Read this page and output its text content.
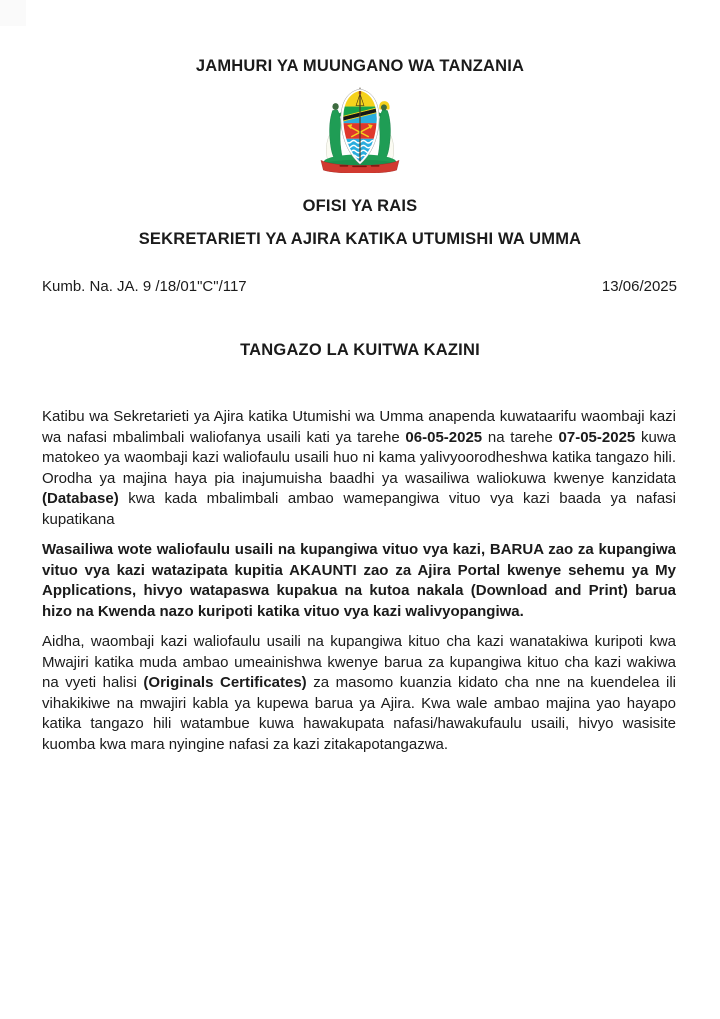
JAMHURI YA MUUNGANO WA TANZANIA
OFISI YA RAIS
SEKRETARIETI YA AJIRA KATIKA UTUMISHI WA UMMA
Kumb. Na. JA. 9 /18/01"C"/117	13/06/2025
TANGAZO LA KUITWA KAZINI

Katibu wa Sekretarieti ya Ajira katika Utumishi wa Umma anapenda kuwataarifu waombaji kazi wa nafasi mbalimbali waliofanya usaili kati ya tarehe 06-05-2025 na tarehe 07-05-2025 kuwa matokeo ya waombaji kazi waliofaulu usaili huo ni kama yalivyoorodheshwa katika tangazo hili. Orodha ya majina haya pia inajumuisha baadhi ya wasailiwa waliokuwa kwenye kanzidata (Database) kwa kada mbalimbali ambao wamepangiwa vituo vya kazi baada ya nafasi kupatikana

Wasailiwa wote waliofaulu usaili na kupangiwa vituo vya kazi, BARUA zao za kupangiwa vituo vya kazi watazipata kupitia AKAUNTI zao za Ajira Portal kwenye sehemu ya My Applications, hivyo watapaswa kupakua na kutoa nakala (Download and Print) barua hizo na Kwenda nazo kuripoti katika vituo vya kazi walivyopangiwa.

Aidha, waombaji kazi waliofaulu usaili na kupangiwa kituo cha kazi wanatakiwa kuripoti kwa Mwajiri katika muda ambao umeainishwa kwenye barua za kupangiwa kituo cha kazi wakiwa na vyeti halisi (Originals Certificates) za masomo kuanzia kidato cha nne na kuendelea ili vihakikiwe na mwajiri kabla ya kupewa barua ya Ajira. Kwa wale ambao majina yao hayapo katika tangazo hili watambue kuwa hawakupata nafasi/hawakufaulu usaili, hivyo wasisite kuomba kwa mara nyingine nafasi za kazi zitakapotangazwa.
